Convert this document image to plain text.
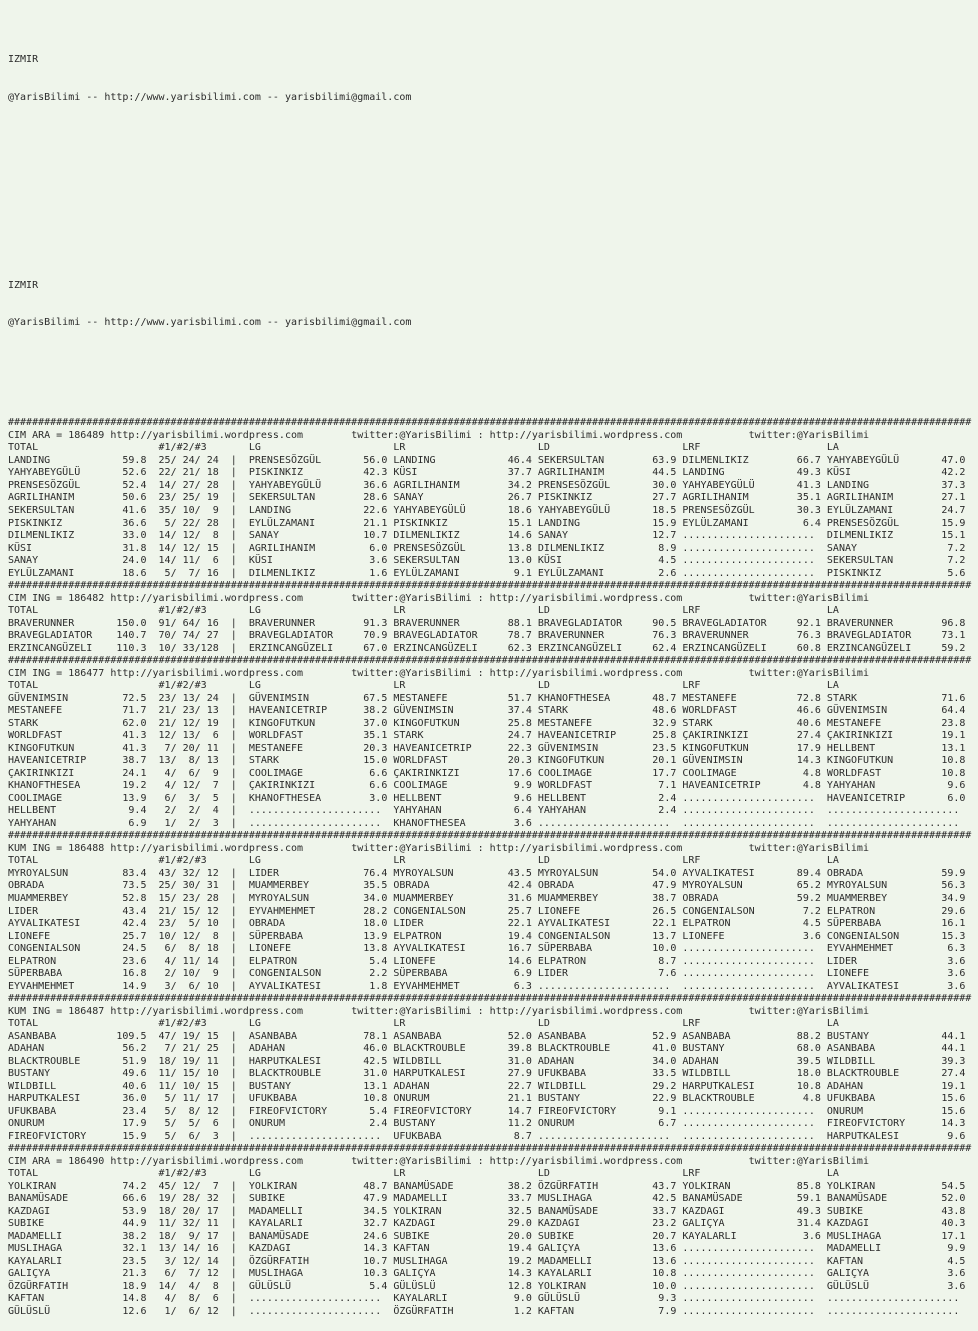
IZMIR

@YarisBilimi -- http://www.yarisbilimi.com -- yarisbilimi@gmail.com

IZMIR

@YarisBilimi -- http://www.yarisbilimi.com -- yarisbilimi@gmail.com

################################################################################################################################################################
CIM ARA = 186489 http://yarisbilimi.wordpress.com	twitter:@YarisBilimi : http://yarisbilimi.wordpress.com	twitter:@YarisBilimi
TOTAL                    #1/#2/#3       LG                      LR                      LD                      LRF                     LA
LANDING            59.8  25/ 24/ 24  |  PRENSESÖZGÜL       56.0 LANDING            46.4 SEKERSULTAN        63.9 DILMENLIKIZ        66.7 YAHYABEYGÜLÜ       47.0
YAHYABEYGÜLÜ       52.6  22/ 21/ 18  |  PISKINKIZ          42.3 KÜSI               37.7 AGRILIHANIM        44.5 LANDING            49.3 KÜSI               42.2
PRENSESÖZGÜL       52.4  14/ 27/ 28  |  YAHYABEYGÜLÜ       36.6 AGRILIHANIM        34.2 PRENSESÖZGÜL       30.0 YAHYABEYGÜLÜ       41.3 LANDING            37.3
AGRILIHANIM        50.6  23/ 25/ 19  |  SEKERSULTAN        28.6 SANAY              26.7 PISKINKIZ          27.7 AGRILIHANIM        35.1 AGRILIHANIM        27.1
SEKERSULTAN        41.6  35/ 10/  9  |  LANDING            22.6 YAHYABEYGÜLÜ       18.6 YAHYABEYGÜLÜ       18.5 PRENSESÖZGÜL       30.3 EYLÜLZAMANI        24.7
PISKINKIZ          36.6   5/ 22/ 28  |  EYLÜLZAMANI        21.1 PISKINKIZ          15.1 LANDING            15.9 EYLÜLZAMANI         6.4 PRENSESÖZGÜL       15.9
DILMENLIKIZ        33.0  14/ 12/  8  |  SANAY              10.7 DILMENLIKIZ        14.6 SANAY              12.7 ......................  DILMENLIKIZ        15.1
KÜSI               31.8  14/ 12/ 15  |  AGRILIHANIM         6.0 PRENSESÖZGÜL       13.8 DILMENLIKIZ         8.9 ......................  SANAY               7.2
SANAY              24.0  14/ 11/  6  |  KÜSI                3.6 SEKERSULTAN        13.0 KÜSI                4.5 ......................  SEKERSULTAN         7.2
EYLÜLZAMANI        18.6   5/  7/ 16  |  DILMENLIKIZ         1.6 EYLÜLZAMANI         9.1 EYLÜLZAMANI         2.6 ......................  PISKINKIZ           5.6
################################################################################################################################################################
CIM ING = 186482 http://yarisbilimi.wordpress.com	twitter:@YarisBilimi : http://yarisbilimi.wordpress.com	twitter:@YarisBilimi
TOTAL                    #1/#2/#3       LG                      LR                      LD                      LRF                     LA
BRAVERUNNER       150.0  91/ 64/ 16  |  BRAVERUNNER        91.3 BRAVERUNNER        88.1 BRAVEGLADIATOR     90.5 BRAVEGLADIATOR     92.1 BRAVERUNNER        96.8
BRAVEGLADIATOR    140.7  70/ 74/ 27  |  BRAVEGLADIATOR     70.9 BRAVEGLADIATOR     78.7 BRAVERUNNER        76.3 BRAVERUNNER        76.3 BRAVEGLADIATOR     73.1
ERZINCANGÜZELI    110.3  10/ 33/128  |  ERZINCANGÜZELI     67.0 ERZINCANGÜZELI     62.3 ERZINCANGÜZELI     62.4 ERZINCANGÜZELI     60.8 ERZINCANGÜZELI     59.2
################################################################################################################################################################
CIM ING = 186477 http://yarisbilimi.wordpress.com	twitter:@YarisBilimi : http://yarisbilimi.wordpress.com	twitter:@YarisBilimi
TOTAL                    #1/#2/#3       LG                      LR                      LD                      LRF                     LA
GÜVENIMSIN         72.5  23/ 13/ 24  |  GÜVENIMSIN         67.5 MESTANEFE          51.7 KHANOFTHESEA       48.7 MESTANEFE          72.8 STARK              71.6
MESTANEFE          71.7  21/ 23/ 13  |  HAVEANICETRIP      38.2 GÜVENIMSIN         37.4 STARK              48.6 WORLDFAST          46.6 GÜVENIMSIN         64.4
STARK              62.0  21/ 12/ 19  |  KINGOFUTKUN        37.0 KINGOFUTKUN        25.8 MESTANEFE          32.9 STARK              40.6 MESTANEFE          23.8
WORLDFAST          41.3  12/ 13/  6  |  WORLDFAST          35.1 STARK              24.7 HAVEANICETRIP      25.8 ÇAKIRINKIZI        27.4 ÇAKIRINKIZI        19.1
KINGOFUTKUN        41.3   7/ 20/ 11  |  MESTANEFE          20.3 HAVEANICETRIP      22.3 GÜVENIMSIN         23.5 KINGOFUTKUN        17.9 HELLBENT           13.1
HAVEANICETRIP      38.7  13/  8/ 13  |  STARK              15.0 WORLDFAST          20.3 KINGOFUTKUN        20.1 GÜVENIMSIN         14.3 KINGOFUTKUN        10.8
ÇAKIRINKIZI        24.1   4/  6/  9  |  COOLIMAGE           6.6 ÇAKIRINKIZI        17.6 COOLIMAGE          17.7 COOLIMAGE           4.8 WORLDFAST          10.8
KHANOFTHESEA       19.2   4/ 12/  7  |  ÇAKIRINKIZI         6.6 COOLIMAGE           9.9 WORLDFAST           7.1 HAVEANICETRIP       4.8 YAHYAHAN            9.6
COOLIMAGE          13.9   6/  3/  5  |  KHANOFTHESEA        3.0 HELLBENT            9.6 HELLBENT            2.4 ......................  HAVEANICETRIP       6.0
HELLBENT            9.4   2/  2/  4  |  ......................  YAHYAHAN            6.4 YAHYAHAN            2.4 ......................  ......................
YAHYAHAN            6.9   1/  2/  3  |  ......................  KHANOFTHESEA        3.6 ......................  ......................  ......................
################################################################################################################################################################
KUM ING = 186488 http://yarisbilimi.wordpress.com	twitter:@YarisBilimi : http://yarisbilimi.wordpress.com	twitter:@YarisBilimi
TOTAL                    #1/#2/#3       LG                      LR                      LD                      LRF                     LA
MYROYALSUN         83.4  43/ 32/ 12  |  LIDER              76.4 MYROYALSUN         43.5 MYROYALSUN         54.0 AYVALIKATESI       89.4 OBRADA             59.9
OBRADA             73.5  25/ 30/ 31  |  MUAMMERBEY         35.5 OBRADA             42.4 OBRADA             47.9 MYROYALSUN         65.2 MYROYALSUN         56.3
MUAMMERBEY         52.8  15/ 23/ 28  |  MYROYALSUN         34.0 MUAMMERBEY         31.6 MUAMMERBEY         38.7 OBRADA             59.2 MUAMMERBEY         34.9
LIDER              43.4  21/ 15/ 12  |  EYVAHMEHMET        28.2 CONGENIALSON       25.7 LIONEFE            26.5 CONGENIALSON        7.2 ELPATRON           29.6
AYVALIKATESI       42.4  23/  5/ 10  |  OBRADA             18.0 LIDER              22.1 AYVALIKATESI       22.1 ELPATRON            4.5 SÜPERBABA          16.1
LIONEFE            25.7  10/ 12/  8  |  SÜPERBABA          13.9 ELPATRON           19.4 CONGENIALSON       13.7 LIONEFE             3.6 CONGENIALSON       15.3
CONGENIALSON       24.5   6/  8/ 18  |  LIONEFE            13.8 AYVALIKATESI       16.7 SÜPERBABA          10.0 ......................  EYVAHMEHMET         6.3
ELPATRON           23.6   4/ 11/ 14  |  ELPATRON            5.4 LIONEFE            14.6 ELPATRON            8.7 ......................  LIDER               3.6
SÜPERBABA          16.8   2/ 10/  9  |  CONGENIALSON        2.2 SÜPERBABA           6.9 LIDER               7.6 ......................  LIONEFE             3.6
EYVAHMEHMET        14.9   3/  6/ 10  |  AYVALIKATESI        1.8 EYVAHMEHMET         6.3 ......................  ......................  AYVALIKATESI        3.6
################################################################################################################################################################
KUM ING = 186487 http://yarisbilimi.wordpress.com	twitter:@YarisBilimi : http://yarisbilimi.wordpress.com	twitter:@YarisBilimi
TOTAL                    #1/#2/#3       LG                      LR                      LD                      LRF                     LA
ASANBABA          109.5  47/ 19/ 15  |  ASANBABA           78.1 ASANBABA           52.0 ASANBABA           52.9 ASANBABA           88.2 BUSTANY            44.1
ADAHAN             56.2   7/ 21/ 25  |  ADAHAN             46.0 BLACKTROUBLE       39.8 BLACKTROUBLE       41.0 BUSTANY            68.0 ASANBABA           44.1
BLACKTROUBLE       51.9  18/ 19/ 11  |  HARPUTKALESI       42.5 WILDBILL           31.0 ADAHAN             34.0 ADAHAN             39.5 WILDBILL           39.3
BUSTANY            49.6  11/ 15/ 10  |  BLACKTROUBLE       31.0 HARPUTKALESI       27.9 UFUKBABA           33.5 WILDBILL           18.0 BLACKTROUBLE       27.4
WILDBILL           40.6  11/ 10/ 15  |  BUSTANY            13.1 ADAHAN             22.7 WILDBILL           29.2 HARPUTKALESI       10.8 ADAHAN             19.1
HARPUTKALESI       36.0   5/ 11/ 17  |  UFUKBABA           10.8 ONURUM             21.1 BUSTANY            22.9 BLACKTROUBLE        4.8 UFUKBABA           15.6
UFUKBABA           23.4   5/  8/ 12  |  FIREOFVICTORY       5.4 FIREOFVICTORY      14.7 FIREOFVICTORY       9.1 ......................  ONURUM             15.6
ONURUM             17.9   5/  5/  6  |  ONURUM              2.4 BUSTANY            11.2 ONURUM              6.7 ......................  FIREOFVICTORY      14.3
FIREOFVICTORY      15.9   5/  6/  3  |  ......................  UFUKBABA            8.7 ......................  ......................  HARPUTKALESI        9.6
################################################################################################################################################################
CIM ARA = 186490 http://yarisbilimi.wordpress.com	twitter:@YarisBilimi : http://yarisbilimi.wordpress.com	twitter:@YarisBilimi
TOTAL                    #1/#2/#3       LG                      LR                      LD                      LRF                     LA
YOLKIRAN           74.2  45/ 12/  7  |  YOLKIRAN           48.7 BANAMÜSADE         38.2 ÖZGÜRFATIH         43.7 YOLKIRAN           85.8 YOLKIRAN           54.5
BANAMÜSADE         66.6  19/ 28/ 32  |  SUBIKE             47.9 MADAMELLI          33.7 MUSLIHAGA          42.5 BANAMÜSADE         59.1 BANAMÜSADE         52.0
KAZDAGI            53.9  18/ 20/ 17  |  MADAMELLI          34.5 YOLKIRAN           32.5 BANAMÜSADE         33.7 KAZDAGI            49.3 SUBIKE             43.8
SUBIKE             44.9  11/ 32/ 11  |  KAYALARLI          32.7 KAZDAGI            29.0 KAZDAGI            23.2 GALIÇYA            31.4 KAZDAGI            40.3
MADAMELLI          38.2  18/  9/ 17  |  BANAMÜSADE         24.6 SUBIKE             20.0 SUBIKE             20.7 KAYALARLI           3.6 MUSLIHAGA          17.1
MUSLIHAGA          32.1  13/ 14/ 16  |  KAZDAGI            14.3 KAFTAN             19.4 GALIÇYA            13.6 ......................  MADAMELLI           9.9
KAYALARLI          23.5   3/ 12/ 14  |  ÖZGÜRFATIH         10.7 MUSLIHAGA          19.2 MADAMELLI          13.6 ......................  KAFTAN              4.5
GALIÇYA            21.3   6/  7/ 12  |  MUSLIHAGA          10.3 GALIÇYA            14.3 KAYALARLI          10.8 ......................  GALIÇYA             3.6
ÖZGÜRFATIH         18.9  14/  4/  8  |  GÜLÜSLÜ             5.4 GÜLÜSLÜ            12.8 YOLKIRAN           10.0 ......................  GÜLÜSLÜ             3.6
KAFTAN             14.8   4/  8/  6  |  ......................  KAYALARLI           9.0 GÜLÜSLÜ             9.3 ......................  ......................
GÜLÜSLÜ            12.6   1/  6/ 12  |  ......................  ÖZGÜRFATIH          1.2 KAFTAN              7.9 ......................  ......................
